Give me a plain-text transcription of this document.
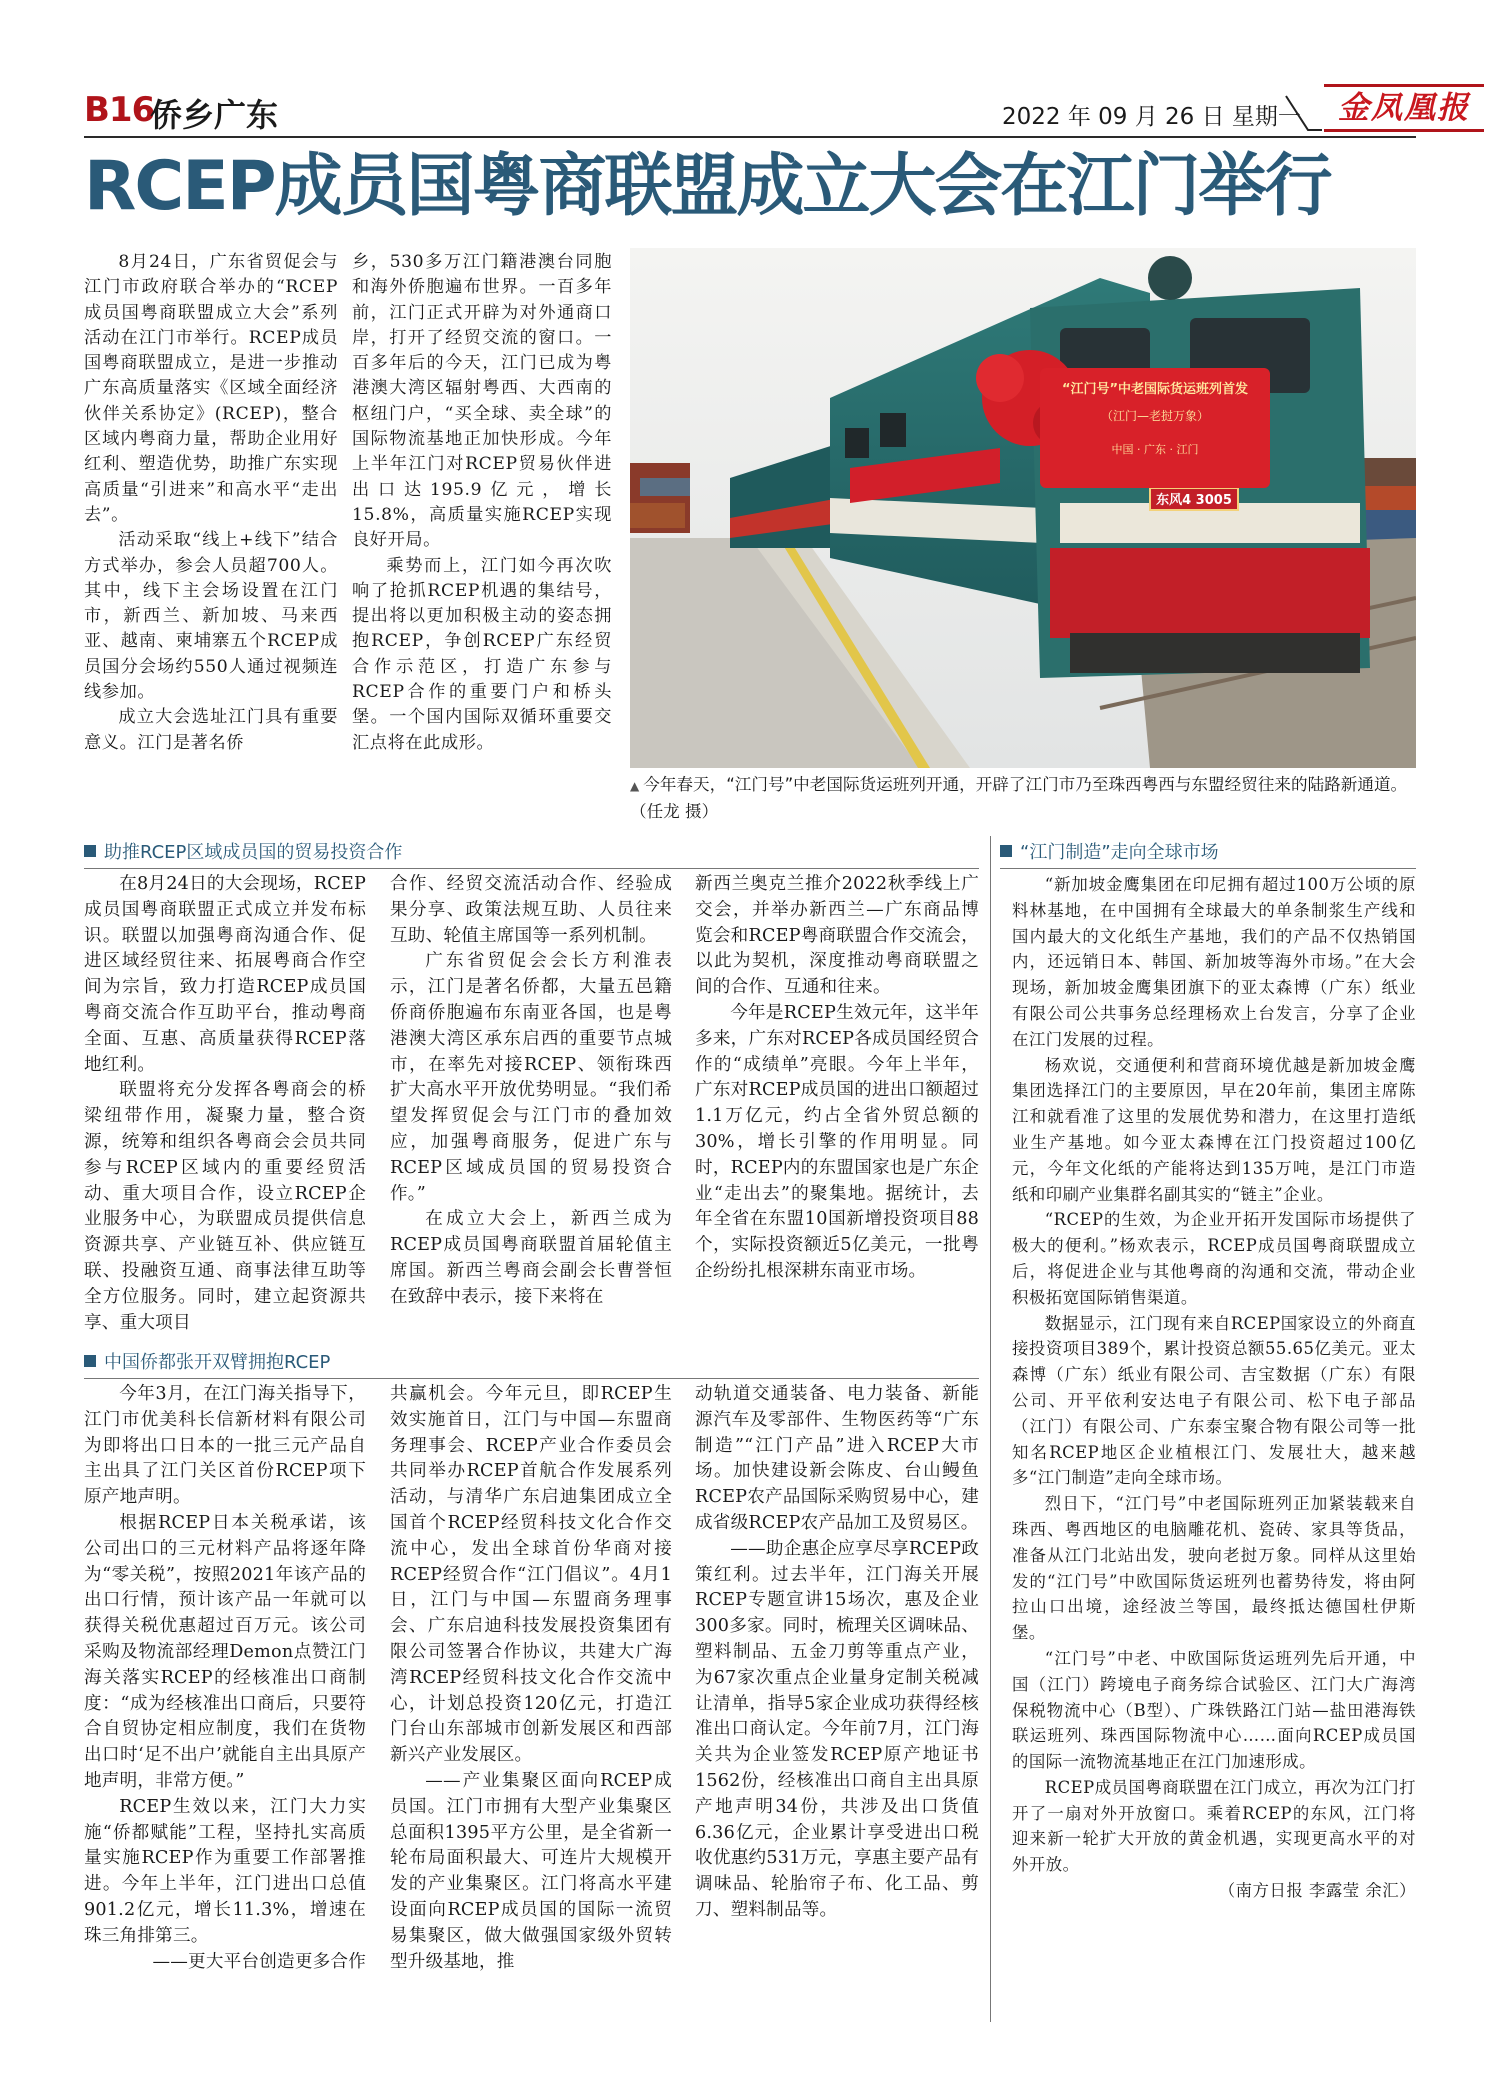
B16
侨乡广东	2022 年 09 月 26 日 星期一	金凤凰报
RCEP成员国粤商联盟成立大会在江门举行

8月24日，广东省贸促会与江门市政府联合举办的“RCEP成员国粤商联盟成立大会”系列活动在江门市举行。RCEP成员国粤商联盟成立，是进一步推动广东高质量落实《区域全面经济伙伴关系协定》(RCEP)，整合区域内粤商力量，帮助企业用好红利、塑造优势，助推广东实现高质量“引进来”和高水平“走出去”。

活动采取“线上+线下”结合方式举办，参会人员超700人。其中，线下主会场设置在江门市，新西兰、新加坡、马来西亚、越南、柬埔寨五个RCEP成员国分会场约550人通过视频连线参加。

成立大会选址江门具有重要意义。江门是著名侨

乡，530多万江门籍港澳台同胞和海外侨胞遍布世界。一百多年前，江门正式开辟为对外通商口岸，打开了经贸交流的窗口。一百多年后的今天，江门已成为粤港澳大湾区辐射粤西、大西南的枢纽门户，“买全球、卖全球”的国际物流基地正加快形成。今年上半年江门对RCEP贸易伙伴进出口达195.9亿元，增长15.8%，高质量实施RCEP实现良好开局。

乘势而上，江门如今再次吹响了抢抓RCEP机遇的集结号，提出将以更加积极主动的姿态拥抱RCEP，争创RCEP广东经贸合作示范区，打造广东参与RCEP合作的重要门户和桥头堡。一个国内国际双循环重要交汇点将在此成形。

东风4 3005
“江门号”中老国际货运班列首发
（江门—老挝万象）
中国 · 广东 · 江门
▲ 今年春天，“江门号”中老国际货运班列开通，开辟了江门市乃至珠西粤西与东盟经贸往来的陆路新通道。（任龙 摄）
助推RCEP区域成员国的贸易投资合作

在8月24日的大会现场，RCEP成员国粤商联盟正式成立并发布标识。联盟以加强粤商沟通合作、促进区域经贸往来、拓展粤商合作空间为宗旨，致力打造RCEP成员国粤商交流合作互助平台，推动粤商全面、互惠、高质量获得RCEP落地红利。

联盟将充分发挥各粤商会的桥梁纽带作用，凝聚力量，整合资源，统筹和组织各粤商会会员共同参与RCEP区域内的重要经贸活动、重大项目合作，设立RCEP企业服务中心，为联盟成员提供信息资源共享、产业链互补、供应链互联、投融资互通、商事法律互助等全方位服务。同时，建立起资源共享、重大项目

合作、经贸交流活动合作、经验成果分享、政策法规互助、人员往来互助、轮值主席国等一系列机制。

广东省贸促会会长方利淮表示，江门是著名侨都，大量五邑籍侨商侨胞遍布东南亚各国，也是粤港澳大湾区承东启西的重要节点城市，在率先对接RCEP、领衔珠西扩大高水平开放优势明显。“我们希望发挥贸促会与江门市的叠加效应，加强粤商服务，促进广东与RCEP区域成员国的贸易投资合作。”

在成立大会上，新西兰成为RCEP成员国粤商联盟首届轮值主席国。新西兰粤商会副会长曹誉恒在致辞中表示，接下来将在

新西兰奥克兰推介2022秋季线上广交会，并举办新西兰—广东商品博览会和RCEP粤商联盟合作交流会，以此为契机，深度推动粤商联盟之间的合作、互通和往来。

今年是RCEP生效元年，这半年多来，广东对RCEP各成员国经贸合作的“成绩单”亮眼。今年上半年，广东对RCEP成员国的进出口额超过1.1万亿元，约占全省外贸总额的30%，增长引擎的作用明显。同时，RCEP内的东盟国家也是广东企业“走出去”的聚集地。据统计，去年全省在东盟10国新增投资项目88个，实际投资额近5亿美元，一批粤企纷纷扎根深耕东南亚市场。

中国侨都张开双臂拥抱RCEP

今年3月，在江门海关指导下，江门市优美科长信新材料有限公司为即将出口日本的一批三元产品自主出具了江门关区首份RCEP项下原产地声明。

根据RCEP日本关税承诺，该公司出口的三元材料产品将逐年降为“零关税”，按照2021年该产品的出口行情，预计该产品一年就可以获得关税优惠超过百万元。该公司采购及物流部经理Demon点赞江门海关落实RCEP的经核准出口商制度：“成为经核准出口商后，只要符合自贸协定相应制度，我们在货物出口时‘足不出户’就能自主出具原产地声明，非常方便。”

RCEP生效以来，江门大力实施“侨都赋能”工程，坚持扎实高质量实施RCEP作为重要工作部署推进。今年上半年，江门进出口总值901.2亿元，增长11.3%，增速在珠三角排第三。

——更大平台创造更多合作

共赢机会。今年元旦，即RCEP生效实施首日，江门与中国—东盟商务理事会、RCEP产业合作委员会共同举办RCEP首航合作发展系列活动，与清华广东启迪集团成立全国首个RCEP经贸科技文化合作交流中心，发出全球首份华商对接RCEP经贸合作“江门倡议”。4月1日，江门与中国—东盟商务理事会、广东启迪科技发展投资集团有限公司签署合作协议，共建大广海湾RCEP经贸科技文化合作交流中心，计划总投资120亿元，打造江门台山东部城市创新发展区和西部新兴产业发展区。

——产业集聚区面向RCEP成员国。江门市拥有大型产业集聚区总面积1395平方公里，是全省新一轮布局面积最大、可连片大规模开发的产业集聚区。江门将高水平建设面向RCEP成员国的国际一流贸易集聚区，做大做强国家级外贸转型升级基地，推

动轨道交通装备、电力装备、新能源汽车及零部件、生物医药等“广东制造”“江门产品”进入RCEP大市场。加快建设新会陈皮、台山鳗鱼RCEP农产品国际采购贸易中心，建成省级RCEP农产品加工及贸易区。

——助企惠企应享尽享RCEP政策红利。过去半年，江门海关开展RCEP专题宣讲15场次，惠及企业300多家。同时，梳理关区调味品、塑料制品、五金刀剪等重点产业，为67家次重点企业量身定制关税减让清单，指导5家企业成功获得经核准出口商认定。今年前7月，江门海关共为企业签发RCEP原产地证书1562份，经核准出口商自主出具原产地声明34份，共涉及出口货值6.36亿元，企业累计享受进出口税收优惠约531万元，享惠主要产品有调味品、轮胎帘子布、化工品、剪刀、塑料制品等。

“江门制造”走向全球市场

“新加坡金鹰集团在印尼拥有超过100万公顷的原料林基地，在中国拥有全球最大的单条制浆生产线和国内最大的文化纸生产基地，我们的产品不仅热销国内，还远销日本、韩国、新加坡等海外市场。”在大会现场，新加坡金鹰集团旗下的亚太森博（广东）纸业有限公司公共事务总经理杨欢上台发言，分享了企业在江门发展的过程。

杨欢说，交通便利和营商环境优越是新加坡金鹰集团选择江门的主要原因，早在20年前，集团主席陈江和就看准了这里的发展优势和潜力，在这里打造纸业生产基地。如今亚太森博在江门投资超过100亿元，今年文化纸的产能将达到135万吨，是江门市造纸和印刷产业集群名副其实的“链主”企业。

“RCEP的生效，为企业开拓开发国际市场提供了极大的便利。”杨欢表示，RCEP成员国粤商联盟成立后，将促进企业与其他粤商的沟通和交流，带动企业积极拓宽国际销售渠道。

数据显示，江门现有来自RCEP国家设立的外商直接投资项目389个，累计投资总额55.65亿美元。亚太森博（广东）纸业有限公司、吉宝数据（广东）有限公司、开平依利安达电子有限公司、松下电子部品（江门）有限公司、广东泰宝聚合物有限公司等一批知名RCEP地区企业植根江门、发展壮大，越来越多“江门制造”走向全球市场。

烈日下，“江门号”中老国际班列正加紧装载来自珠西、粤西地区的电脑雕花机、瓷砖、家具等货品，准备从江门北站出发，驶向老挝万象。同样从这里始发的“江门号”中欧国际货运班列也蓄势待发，将由阿拉山口出境，途经波兰等国，最终抵达德国杜伊斯堡。

“江门号”中老、中欧国际货运班列先后开通，中国（江门）跨境电子商务综合试验区、江门大广海湾保税物流中心（B型）、广珠铁路江门站—盐田港海铁联运班列、珠西国际物流中心……面向RCEP成员国的国际一流物流基地正在江门加速形成。

RCEP成员国粤商联盟在江门成立，再次为江门打开了一扇对外开放窗口。乘着RCEP的东风，江门将迎来新一轮扩大开放的黄金机遇，实现更高水平的对外开放。

（南方日报 李露莹 余汇）
